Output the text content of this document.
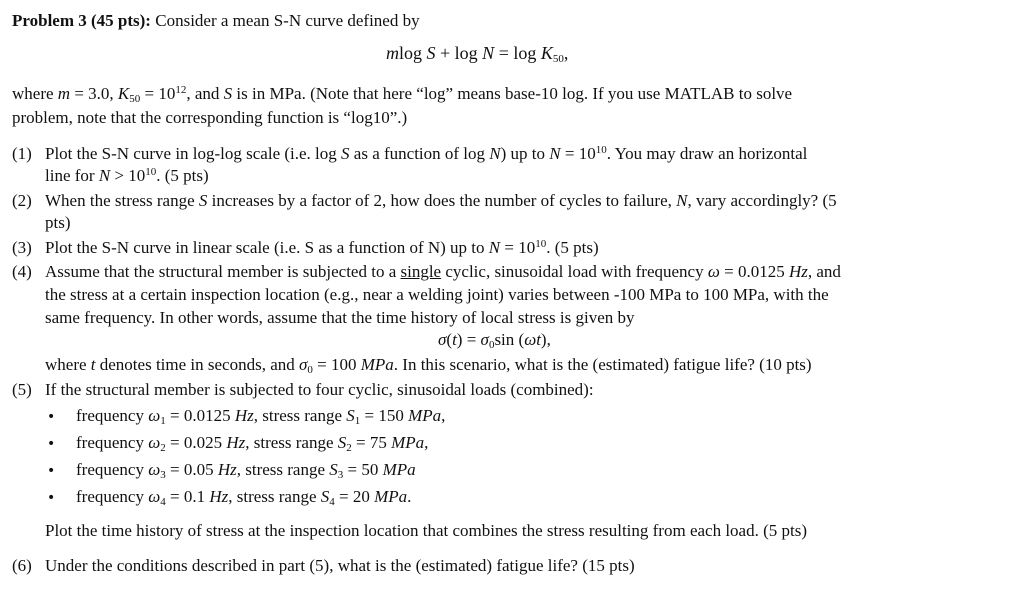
Problem 3 (45 pts): Consider a mean S-N curve defined by
mlog $S + \log N = \log K_{50}$,
where m = 3.0, $K_{50} = 10^{12}$, and S is in MPa. (Note that here “log” means base-10 log. If you use MATLAB to solve
problem, note that the corresponding function is “log10”.)
(1) Plot the S-N curve in log-log scale (i.e. log S as a function of log N) up to $N = 10^{10}$. You may draw an horizontal
line for $N > 10^{10}$. (5 pts)
(2) When the stress range S increases by a factor of 2, how does the number of cycles to failure, N, vary accordingly? (5
pts)
(3) Plot the S-N curve in linear scale (i.e. S as a function of N) up to $N = 10^{10}$. (5 pts)
(4) Assume that the structural member is subjected to a single cyclic, sinusoidal load with frequency ω = 0.0125 Hz, and
the stress at a certain inspection location (e.g., near a welding joint) varies between -100 MPa to 100 MPa, with the
same frequency. In other words, assume that the time history of local stress is given by
$\sigma(t) = \sigma_0\sin$ (ωt),
where t denotes time in seconds, and $\sigma_0 = 100$ MPa. In this scenario, what is the (estimated) fatigue life? (10 pts)
(5) If the structural member is subjected to four cyclic, sinusoidal loads (combined):
• frequency $\omega_1 = 0.0125$ Hz, stress range $S_1 = 150$ MPa,
• frequency $\omega_2 = 0.025$ Hz, stress range $S_2 = 75$ MPa,
• frequency $\omega_3 = 0.05$ Hz, stress range $S_3 = 50$ MPa
• frequency $\omega_4 = 0.1$ Hz, stress range $S_4 = 20$ MPa.
Plot the time history of stress at the inspection location that combines the stress resulting from each load. (5 pts)
(6) Under the conditions described in part (5), what is the (estimated) fatigue life? (15 pts)
